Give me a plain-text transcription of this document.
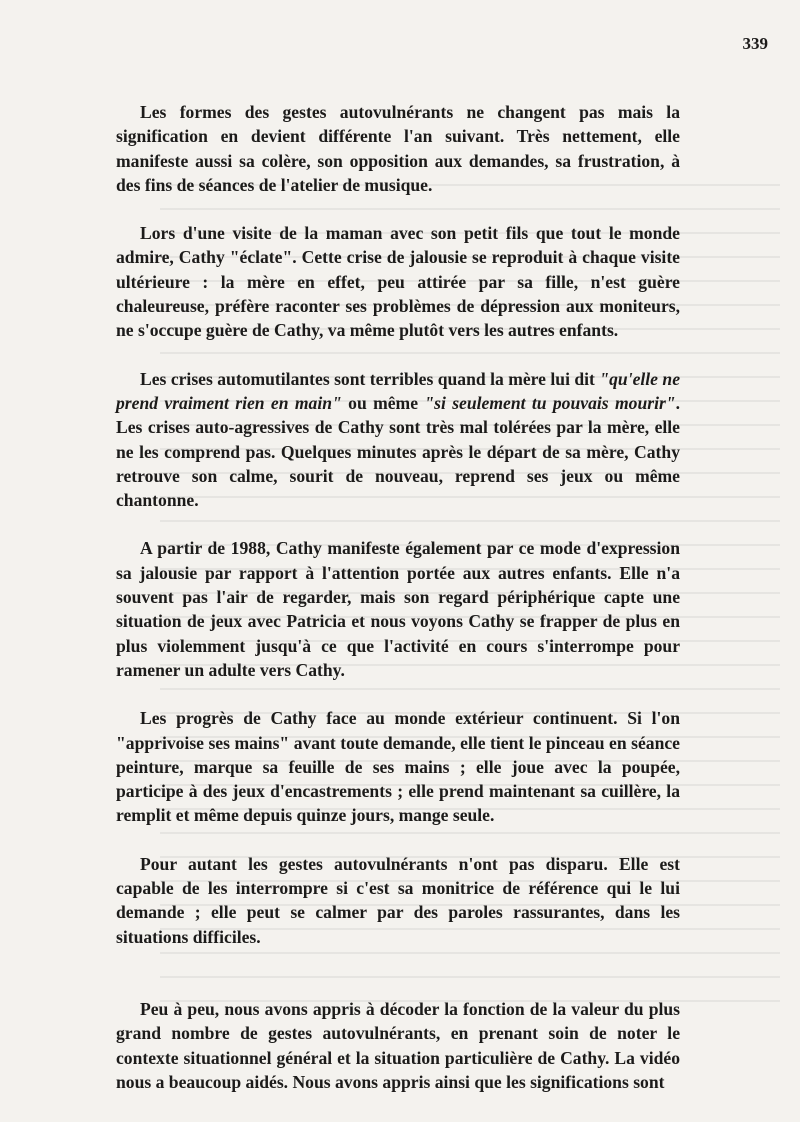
339

Les formes des gestes autovulnérants ne changent pas mais la signification en devient différente l'an suivant. Très nettement, elle manifeste aussi sa colère, son opposition aux demandes, sa frustration, à des fins de séances de l'atelier de musique.

Lors d'une visite de la maman avec son petit fils que tout le monde admire, Cathy "éclate". Cette crise de jalousie se reproduit à chaque visite ultérieure : la mère en effet, peu attirée par sa fille, n'est guère chaleureuse, préfère raconter ses problèmes de dépression aux moniteurs, ne s'occupe guère de Cathy, va même plutôt vers les autres enfants.

Les crises automutilantes sont terribles quand la mère lui dit "qu'elle ne prend vraiment rien en main" ou même "si seulement tu pouvais mourir". Les crises auto-agressives de Cathy sont très mal tolérées par la mère, elle ne les comprend pas. Quelques minutes après le départ de sa mère, Cathy retrouve son calme, sourit de nouveau, reprend ses jeux ou même chantonne.

A partir de 1988, Cathy manifeste également par ce mode d'expression sa jalousie par rapport à l'attention portée aux autres enfants. Elle n'a souvent pas l'air de regarder, mais son regard périphérique capte une situation de jeux avec Patricia et nous voyons Cathy se frapper de plus en plus violemment jusqu'à ce que l'activité en cours s'interrompe pour ramener un adulte vers Cathy.

Les progrès de Cathy face au monde extérieur continuent. Si l'on "apprivoise ses mains" avant toute demande, elle tient le pinceau en séance peinture, marque sa feuille de ses mains ; elle joue avec la poupée, participe à des jeux d'encastrements ; elle prend maintenant sa cuillère, la remplit et même depuis quinze jours, mange seule.

Pour autant les gestes autovulnérants n'ont pas disparu. Elle est capable de les interrompre si c'est sa monitrice de référence qui le lui demande ; elle peut se calmer par des paroles rassurantes, dans les situations difficiles.

Peu à peu, nous avons appris à décoder la fonction de la valeur du plus grand nombre de gestes autovulnérants, en prenant soin de noter le contexte situationnel général et la situation particulière de Cathy. La vidéo nous a beaucoup aidés. Nous avons appris ainsi que les significations sont
